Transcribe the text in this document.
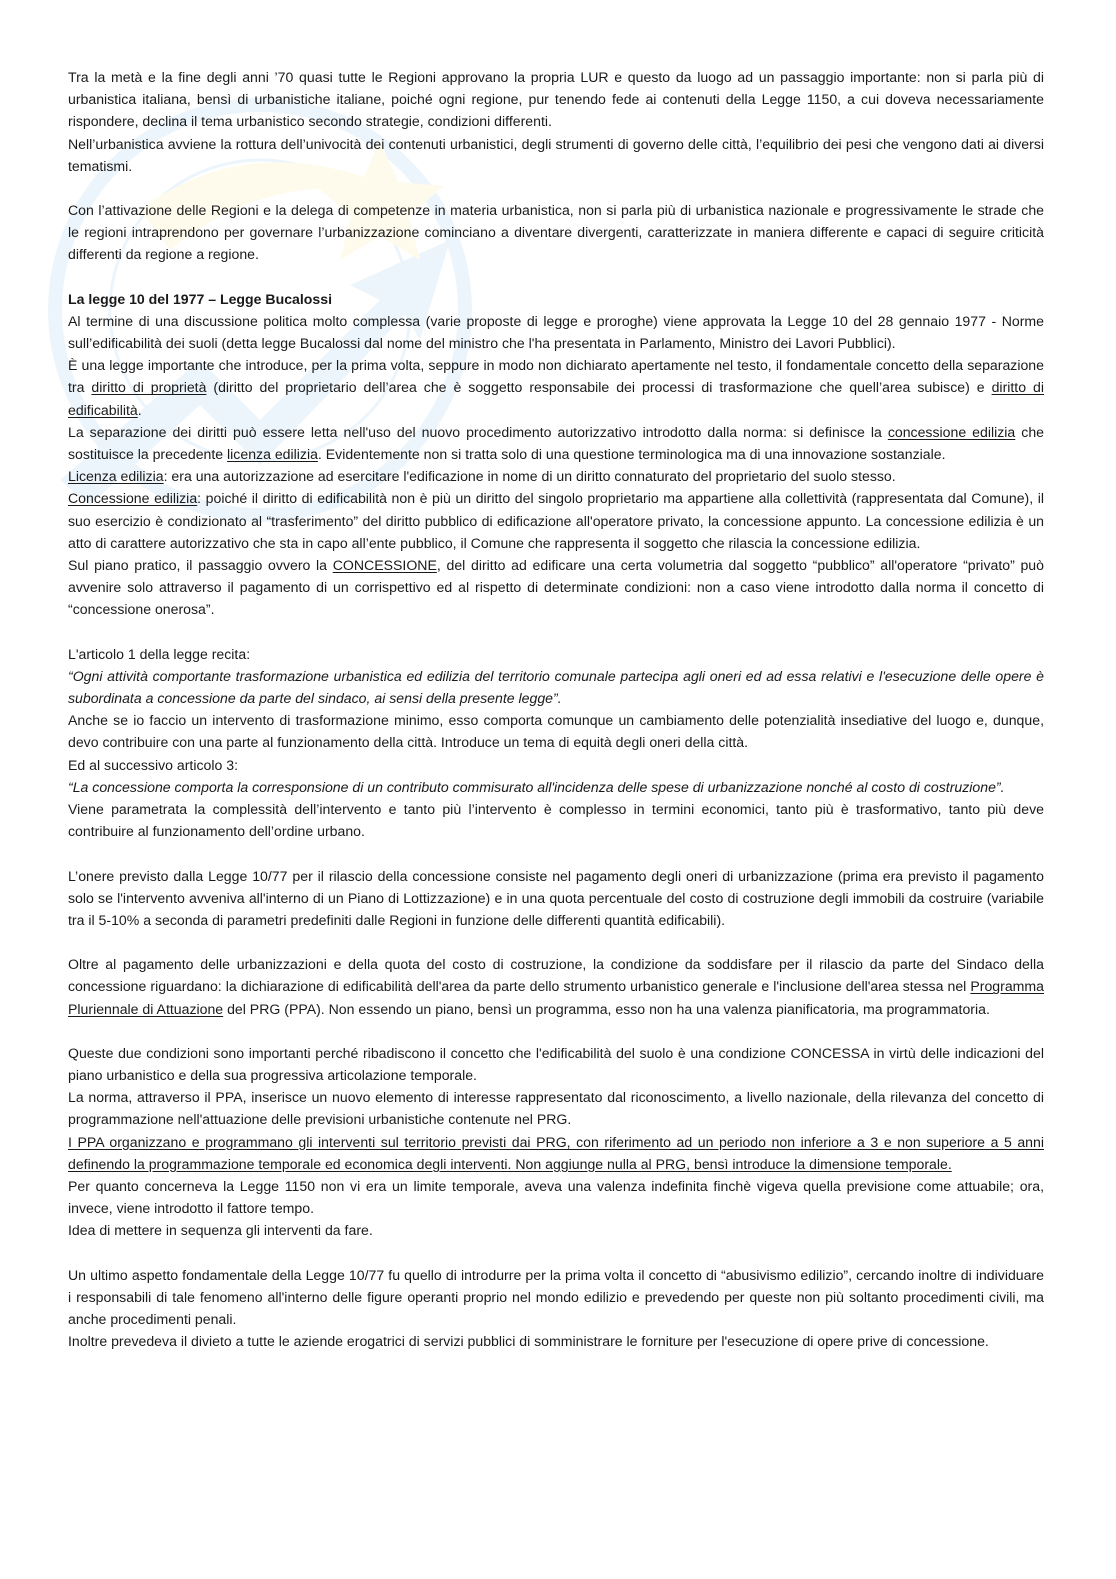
Tra la metà e la fine degli anni ’70 quasi tutte le Regioni approvano la propria LUR e questo da luogo ad un passaggio importante: non si parla più di urbanistica italiana, bensì di urbanistiche italiane, poiché ogni regione, pur tenendo fede ai contenuti della Legge 1150, a cui doveva necessariamente rispondere, declina il tema urbanistico secondo strategie, condizioni differenti.

Nell’urbanistica avviene la rottura dell’univocità dei contenuti urbanistici, degli strumenti di governo delle città, l’equilibrio dei pesi che vengono dati ai diversi tematismi.

Con l’attivazione delle Regioni e la delega di competenze in materia urbanistica, non si parla più di urbanistica nazionale e progressivamente le strade che le regioni intraprendono per governare l’urbanizzazione cominciano a diventare divergenti, caratterizzate in maniera differente e capaci di seguire criticità differenti da regione a regione.

La legge 10 del 1977 – Legge Bucalossi

Al termine di una discussione politica molto complessa (varie proposte di legge e proroghe) viene approvata la Legge 10 del 28 gennaio 1977 - Norme sull’edificabilità dei suoli (detta legge Bucalossi dal nome del ministro che l'ha presentata in Parlamento, Ministro dei Lavori Pubblici).

È una legge importante che introduce, per la prima volta, seppure in modo non dichiarato apertamente nel testo, il fondamentale concetto della separazione tra diritto di proprietà (diritto del proprietario dell’area che è soggetto responsabile dei processi di trasformazione che quell’area subisce) e diritto di edificabilità.

La separazione dei diritti può essere letta nell'uso del nuovo procedimento autorizzativo introdotto dalla norma: si definisce la concessione edilizia che sostituisce la precedente licenza edilizia. Evidentemente non si tratta solo di una questione terminologica ma di una innovazione sostanziale.

Licenza edilizia: era una autorizzazione ad esercitare l'edificazione in nome di un diritto connaturato del proprietario del suolo stesso.

Concessione edilizia: poiché il diritto di edificabilità non è più un diritto del singolo proprietario ma appartiene alla collettività (rappresentata dal Comune), il suo esercizio è condizionato al “trasferimento” del diritto pubblico di edificazione all'operatore privato, la concessione appunto. La concessione edilizia è un atto di carattere autorizzativo che sta in capo all’ente pubblico, il Comune che rappresenta il soggetto che rilascia la concessione edilizia.

Sul piano pratico, il passaggio ovvero la CONCESSIONE, del diritto ad edificare una certa volumetria dal soggetto “pubblico” all'operatore “privato” può avvenire solo attraverso il pagamento di un corrispettivo ed al rispetto di determinate condizioni: non a caso viene introdotto dalla norma il concetto di “concessione onerosa”.

L'articolo 1 della legge recita:

“Ogni attività comportante trasformazione urbanistica ed edilizia del territorio comunale partecipa agli oneri ed ad essa relativi e l'esecuzione delle opere è subordinata a concessione da parte del sindaco, ai sensi della presente legge”.

Anche se io faccio un intervento di trasformazione minimo, esso comporta comunque un cambiamento delle potenzialità insediative del luogo e, dunque, devo contribuire con una parte al funzionamento della città. Introduce un tema di equità degli oneri della città.

Ed al successivo articolo 3:

“La concessione comporta la corresponsione di un contributo commisurato all'incidenza delle spese di urbanizzazione nonché al costo di costruzione”.

Viene parametrata la complessità dell’intervento e tanto più l’intervento è complesso in termini economici, tanto più è trasformativo, tanto più deve contribuire al funzionamento dell’ordine urbano.

L’onere previsto dalla Legge 10/77 per il rilascio della concessione consiste nel pagamento degli oneri di urbanizzazione (prima era previsto il pagamento solo se l'intervento avveniva all'interno di un Piano di Lottizzazione) e in una quota percentuale del costo di costruzione degli immobili da costruire (variabile tra il 5-10% a seconda di parametri predefiniti dalle Regioni in funzione delle differenti quantità edificabili).

Oltre al pagamento delle urbanizzazioni e della quota del costo di costruzione, la condizione da soddisfare per il rilascio da parte del Sindaco della concessione riguardano: la dichiarazione di edificabilità dell'area da parte dello strumento urbanistico generale e l'inclusione dell'area stessa nel Programma Pluriennale di Attuazione del PRG (PPA). Non essendo un piano, bensì un programma, esso non ha una valenza pianificatoria, ma programmatoria.

Queste due condizioni sono importanti perché ribadiscono il concetto che l'edificabilità del suolo è una condizione CONCESSA in virtù delle indicazioni del piano urbanistico e della sua progressiva articolazione temporale.

La norma, attraverso il PPA, inserisce un nuovo elemento di interesse rappresentato dal riconoscimento, a livello nazionale, della rilevanza del concetto di programmazione nell'attuazione delle previsioni urbanistiche contenute nel PRG.

I PPA organizzano e programmano gli interventi sul territorio previsti dai PRG, con riferimento ad un periodo non inferiore a 3 e non superiore a 5 anni definendo la programmazione temporale ed economica degli interventi. Non aggiunge nulla al PRG, bensì introduce la dimensione temporale.

Per quanto concerneva la Legge 1150 non vi era un limite temporale, aveva una valenza indefinita finchè vigeva quella previsione come attuabile; ora, invece, viene introdotto il fattore tempo.

Idea di mettere in sequenza gli interventi da fare.

Un ultimo aspetto fondamentale della Legge 10/77 fu quello di introdurre per la prima volta il concetto di “abusivismo edilizio”, cercando inoltre di individuare i responsabili di tale fenomeno all'interno delle figure operanti proprio nel mondo edilizio e prevedendo per queste non più soltanto procedimenti civili, ma anche procedimenti penali.

Inoltre prevedeva il divieto a tutte le aziende erogatrici di servizi pubblici di somministrare le forniture per l'esecuzione di opere prive di concessione.
